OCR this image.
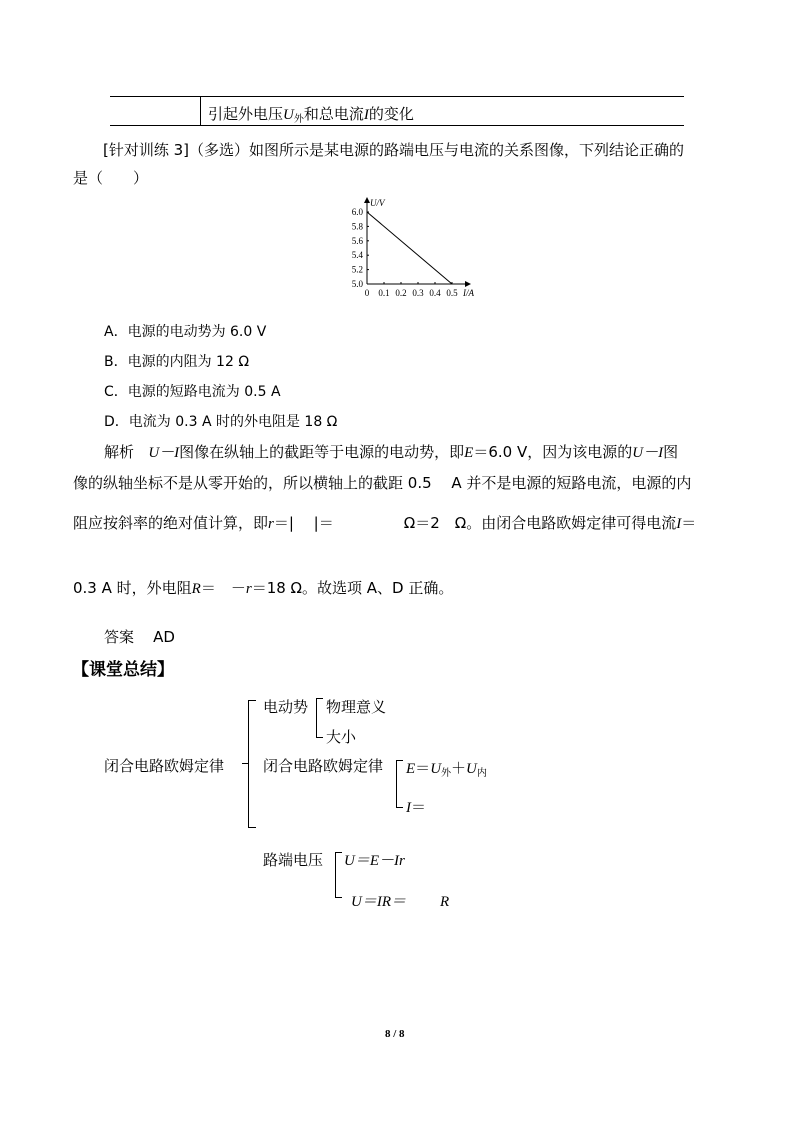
引起外电压$U_外$和总电流I的变化
[针对训练 3]（多选）如图所示是某电源的路端电压与电流的关系图像，下列结论正确的
是（　　）
U/V
I/A
6.0
5.8
5.6
5.4
5.2
5.0
0 0.1 0.2 0.3 0.4 0.5
A．电源的电动势为 6.0 V
B．电源的内阻为 12 Ω
C．电源的短路电流为 0.5 A
D．电流为 0.3 A 时的外电阻是 18 Ω
解析 U－I图像在纵轴上的截距等于电源的电动势，即E＝6.0 V，因为该电源的U－I图
像的纵轴坐标不是从零开始的，所以横轴上的截距 0.5　 A 并不是电源的短路电流，电源的内
阻应按斜率的绝对值计算，即r＝|　 |＝	Ω＝2　Ω。由闭合电路欧姆定律可得电流I＝
0.3 A 时，外电阻R＝　－r＝18 Ω。故选项 A、D 正确。
答案 AD
【课堂总结】
闭合电路欧姆定律
电动势 物理意义
大小
闭合电路欧姆定律 $E=U_外+U_内$
I＝
路端电压 U＝E－Ir
U＝IR＝ R
8 / 8
